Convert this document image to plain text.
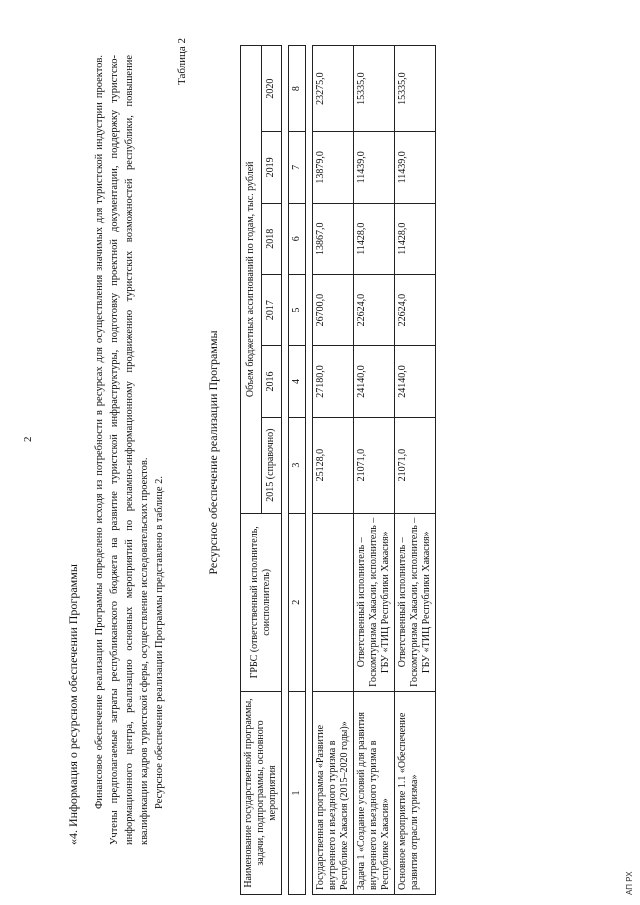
2
«4. Информация о ресурсном обеспечении Программы Финансовое обеспечение реализации Программы определено исходя из потребности в ресурсах для осуществления значимых для туристской индустрии проектов. Учтены предполагаемые затраты республиканского бюджета на развитие туристской инфраструктуры, подготовку проектной документации, поддержку туристско-информационного центра, реализацию основных мероприятий по рекламно-информационному продвижению туристских возможностей республики, повышение квалификации кадров туристской сферы, осуществление исследовательских проектов. Ресурсное обеспечение реализации Программы представлено в таблице 2.

Таблица 2
Ресурсное обеспечение реализации Программы
Наименование государственной программы, задачи, подпрограммы, основного мероприятия	ГРБС (ответственный исполнитель, соисполнитель)	Объем бюджетных ассигнований по годам, тыс. рублей					
		2015 (справочно)	2016	2017	2018	2019	2020

1	2	3	4	5	6	7	8

Государственная программа «Развитие внутреннего и въездного туризма в Республике Хакасия (2015–2020 годы)»		25128,0	27180,0	26700,0	13867,0	13879,0	23275,0
Задача 1 «Создание условий для развития внутреннего и въездного туризма в Республике Хакасия»	Ответственный исполнитель – Госкомтуризма Хакасии, исполнитель – ГБУ «ТИЦ Республики Хакасия»	21071,0	24140,0	22624,0	11428,0	11439,0	15335,0
Основное мероприятие 1.1 «Обеспечение развития отрасли туризма»	Ответственный исполнитель – Госкомтуризма Хакасии, исполнитель – ГБУ «ТИЦ Республики Хакасия»	21071,0	24140,0	22624,0	11428,0	11439,0	15335,0
АП РХ
